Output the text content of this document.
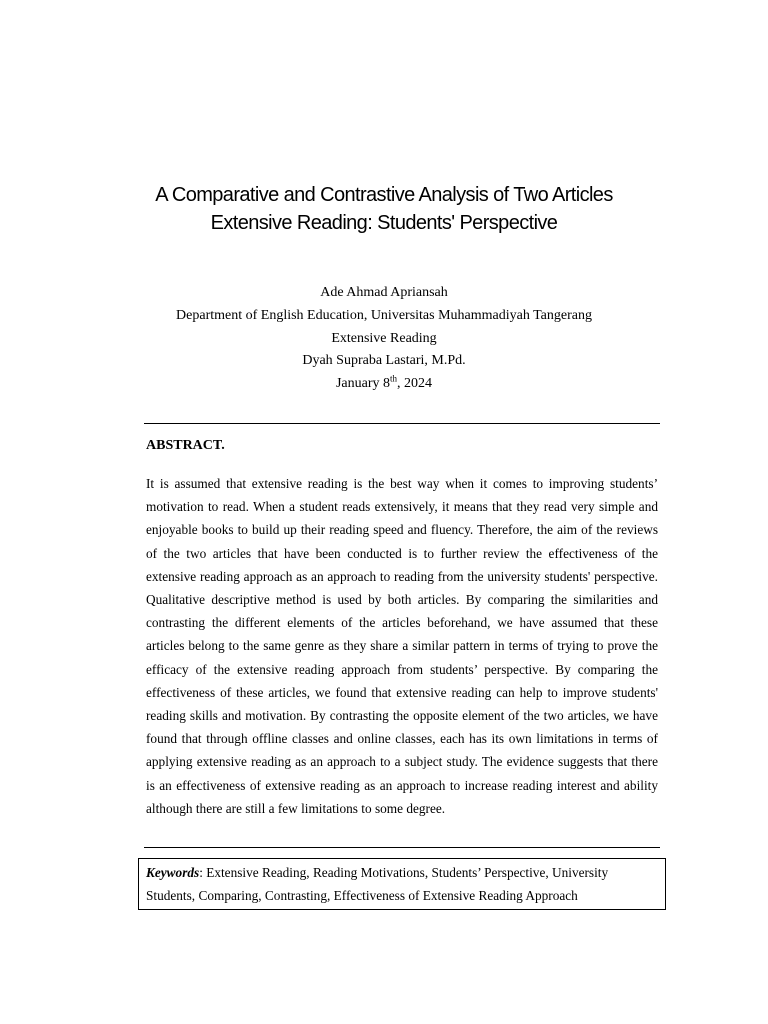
A Comparative and Contrastive Analysis of Two Articles
Extensive Reading: Students' Perspective
Ade Ahmad Apriansah
Department of English Education, Universitas Muhammadiyah Tangerang
Extensive Reading
Dyah Supraba Lastari, M.Pd.
January 8th, 2024
ABSTRACT.

It is assumed that extensive reading is the best way when it comes to improving students’ motivation to read. When a student reads extensively, it means that they read very simple and enjoyable books to build up their reading speed and fluency. Therefore, the aim of the reviews of the two articles that have been conducted is to further review the effectiveness of the extensive reading approach as an approach to reading from the university students' perspective. Qualitative descriptive method is used by both articles. By comparing the similarities and contrasting the different elements of the articles beforehand, we have assumed that these articles belong to the same genre as they share a similar pattern in terms of trying to prove the efficacy of the extensive reading approach from students’ perspective. By comparing the effectiveness of these articles, we found that extensive reading can help to improve students' reading skills and motivation. By contrasting the opposite element of the two articles, we have found that through offline classes and online classes, each has its own limitations in terms of applying extensive reading as an approach to a subject study. The evidence suggests that there is an effectiveness of extensive reading as an approach to increase reading interest and ability although there are still a few limitations to some degree.

Keywords: Extensive Reading, Reading Motivations, Students’ Perspective, University Students, Comparing, Contrasting, Effectiveness of Extensive Reading Approach
